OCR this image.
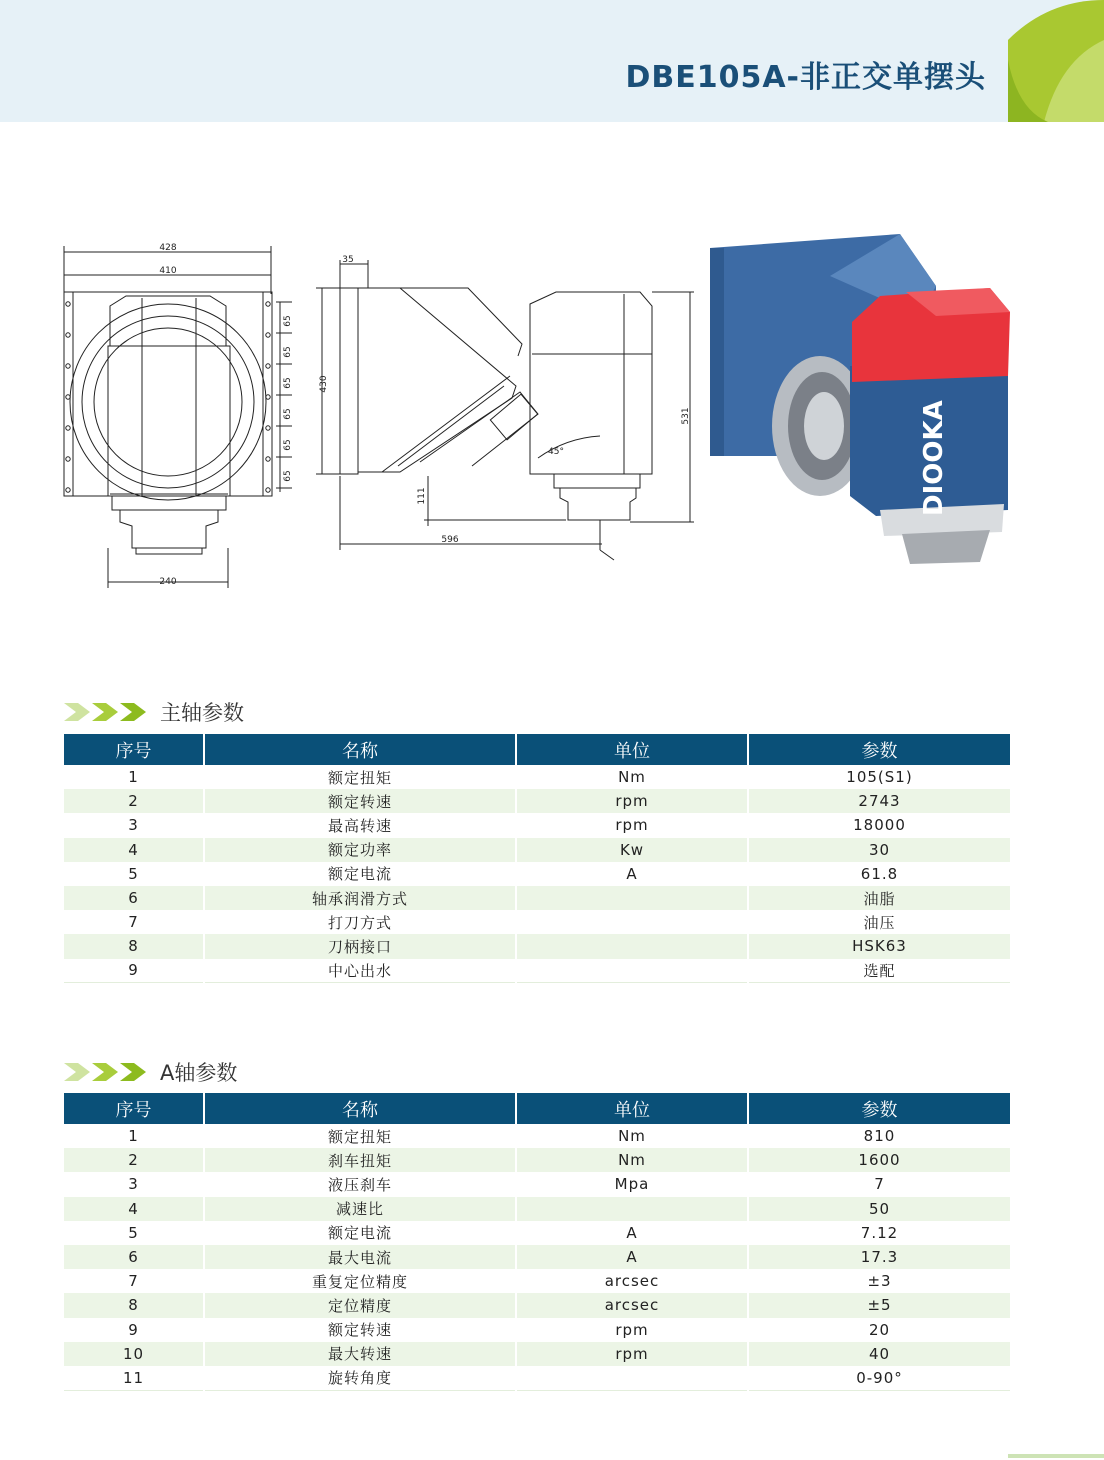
DBE105A-非正交单摆头
428
410
240
65
65
65
65
65
65
35
430
531
111
596
45°	DIOOKA
主轴参数
序号	名称	单位	参数
1	额定扭矩	Nm	105(S1)
2	额定转速	rpm	2743
3	最高转速	rpm	18000
4	额定功率	Kw	30
5	额定电流	A	61.8
6	轴承润滑方式		油脂
7	打刀方式		油压
8	刀柄接口		HSK63
9	中心出水		选配
A轴参数
序号	名称	单位	参数
1	额定扭矩	Nm	810
2	刹车扭矩	Nm	1600
3	液压刹车	Mpa	7
4	减速比		50
5	额定电流	A	7.12
6	最大电流	A	17.3
7	重复定位精度	arcsec	±3
8	定位精度	arcsec	±5
9	额定转速	rpm	20
10	最大转速	rpm	40
11	旋转角度		0-90°
